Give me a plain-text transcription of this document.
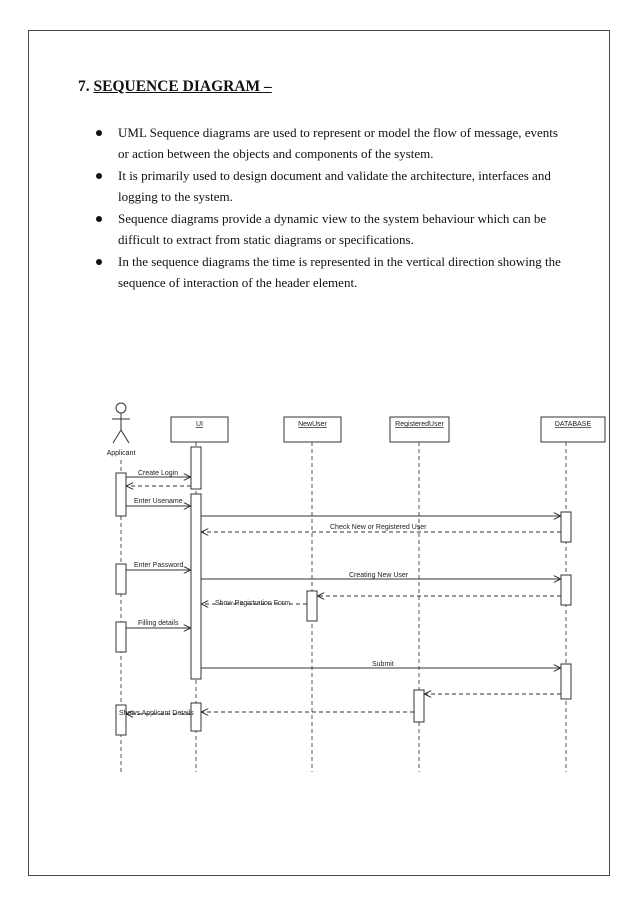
7. SEQUENCE DIAGRAM –
UML Sequence diagrams are used to represent or model the flow of message, events or action between the objects and components of the system.
It is primarily used to design document and validate the architecture, interfaces and logging to the system.
Sequence diagrams provide a dynamic view to the system behaviour which can be difficult to extract from static diagrams or specifications.
In the sequence diagrams the time is represented in the vertical direction showing the sequence of interaction of the header element.
Applicant
UI	NewUser	RegisteredUser	DATABASE
Create Login
Enter Usename
Check New or Registered User
Enter Password
Creating New User
Show Registration Form
Filling details
Submit
Shows Applicant Details
